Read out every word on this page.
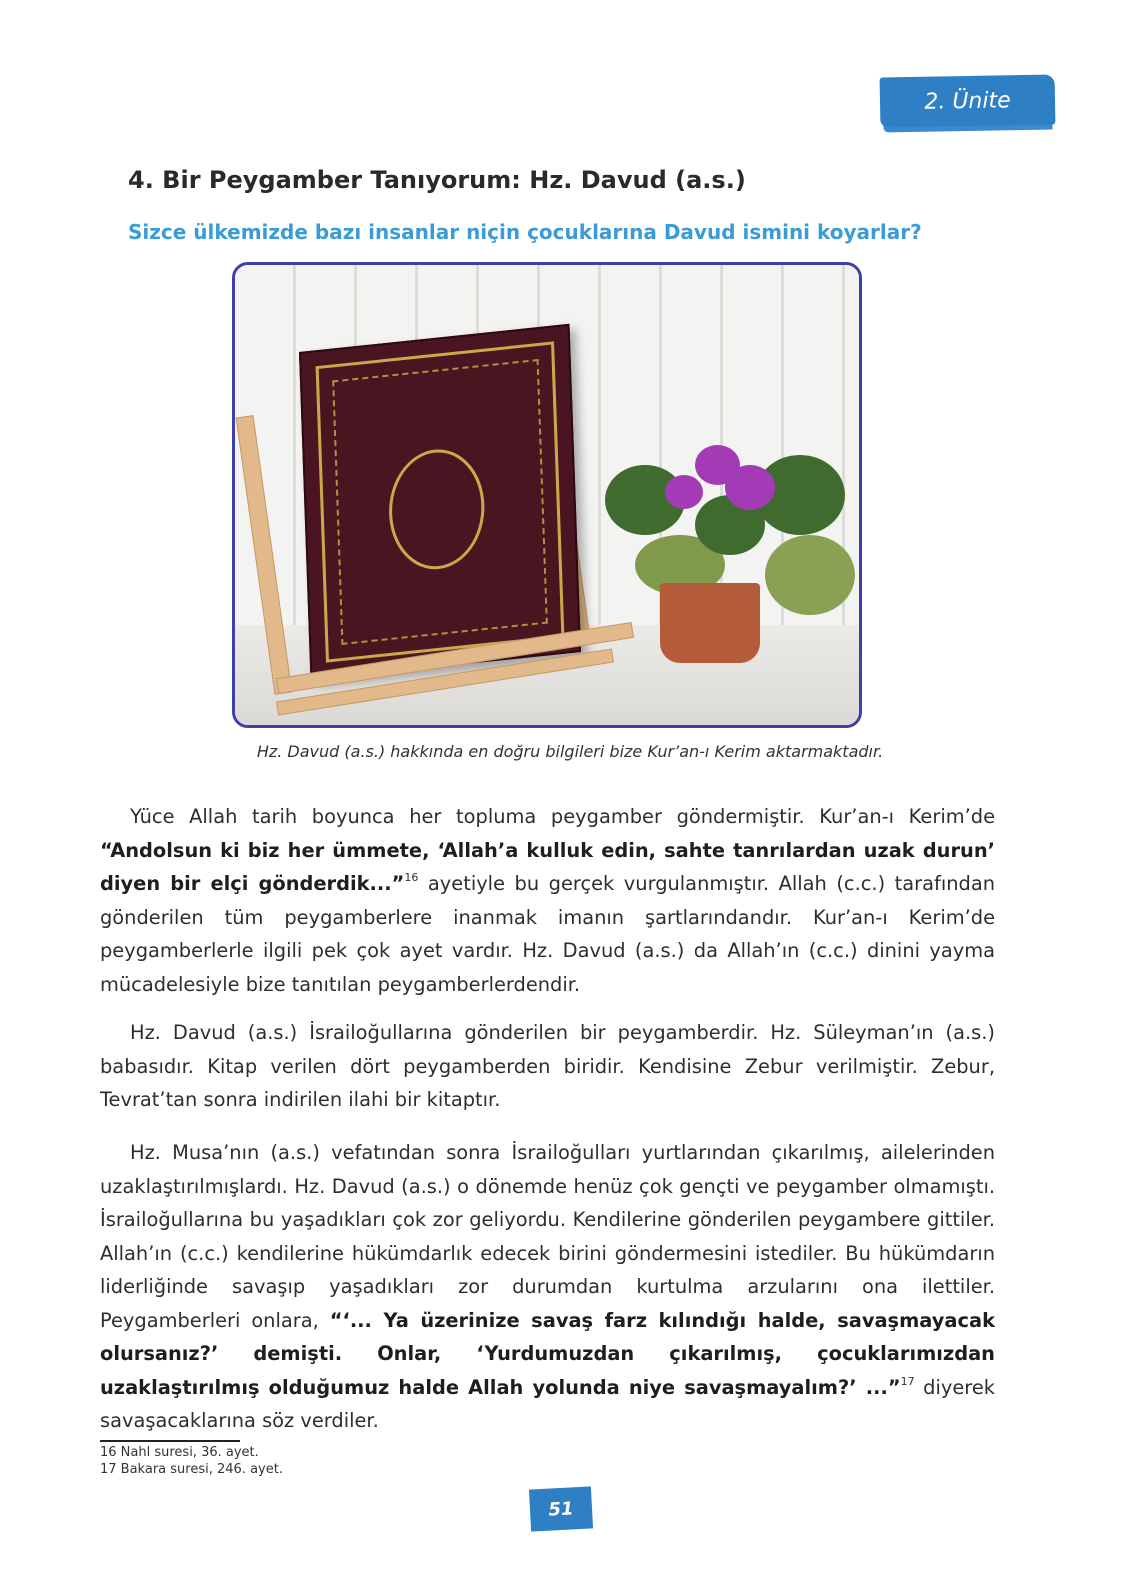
2. Ünite
4. Bir Peygamber Tanıyorum: Hz. Davud (a.s.)
Sizce ülkemizde bazı insanlar niçin çocuklarına Davud ismini koyarlar?
Hz. Davud (a.s.) hakkında en doğru bilgileri bize Kur’an-ı Kerim aktarmaktadır.

Yüce Allah tarih boyunca her topluma peygamber göndermiştir. Kur’an-ı Kerim’de “Andolsun ki biz her ümmete, ‘Allah’a kulluk edin, sahte tanrılardan uzak durun’ diyen bir elçi gönderdik...”$^{16}$ ayetiyle bu gerçek vurgulanmıştır. Allah (c.c.) tarafından gönderilen tüm peygamberlere inanmak imanın şartlarındandır. Kur’an-ı Kerim’de peygamberlerle ilgili pek çok ayet vardır. Hz. Davud (a.s.) da Allah’ın (c.c.) dinini yayma mücadelesiyle bize tanıtılan peygamberlerdendir.

Hz. Davud (a.s.) İsrailoğullarına gönderilen bir peygamberdir. Hz. Süleyman’ın (a.s.) babasıdır. Kitap verilen dört peygamberden biridir. Kendisine Zebur verilmiştir. Zebur, Tevrat’tan sonra indirilen ilahi bir kitaptır.

Hz. Musa’nın (a.s.) vefatından sonra İsrailoğulları yurtlarından çıkarılmış, ailelerinden uzaklaştırılmışlardı. Hz. Davud (a.s.) o dönemde henüz çok gençti ve peygamber olmamıştı. İsrailoğullarına bu yaşadıkları çok zor geliyordu. Kendilerine gönderilen peygambere gittiler. Allah’ın (c.c.) kendilerine hükümdarlık edecek birini göndermesini istediler. Bu hükümdarın liderliğinde savaşıp yaşadıkları zor durumdan kurtulma arzularını ona ilettiler. Peygamberleri onlara, “‘... Ya üzerinize savaş farz kılındığı halde, savaşmayacak olursanız?’ demişti. Onlar, ‘Yurdumuzdan çıkarılmış, çocuklarımızdan uzaklaştırılmış olduğumuz halde Allah yolunda niye savaşmayalım?’ ...”$^{17}$ diyerek savaşacaklarına söz verdiler.

16 Nahl suresi, 36. ayet.
17 Bakara suresi, 246. ayet.
51
